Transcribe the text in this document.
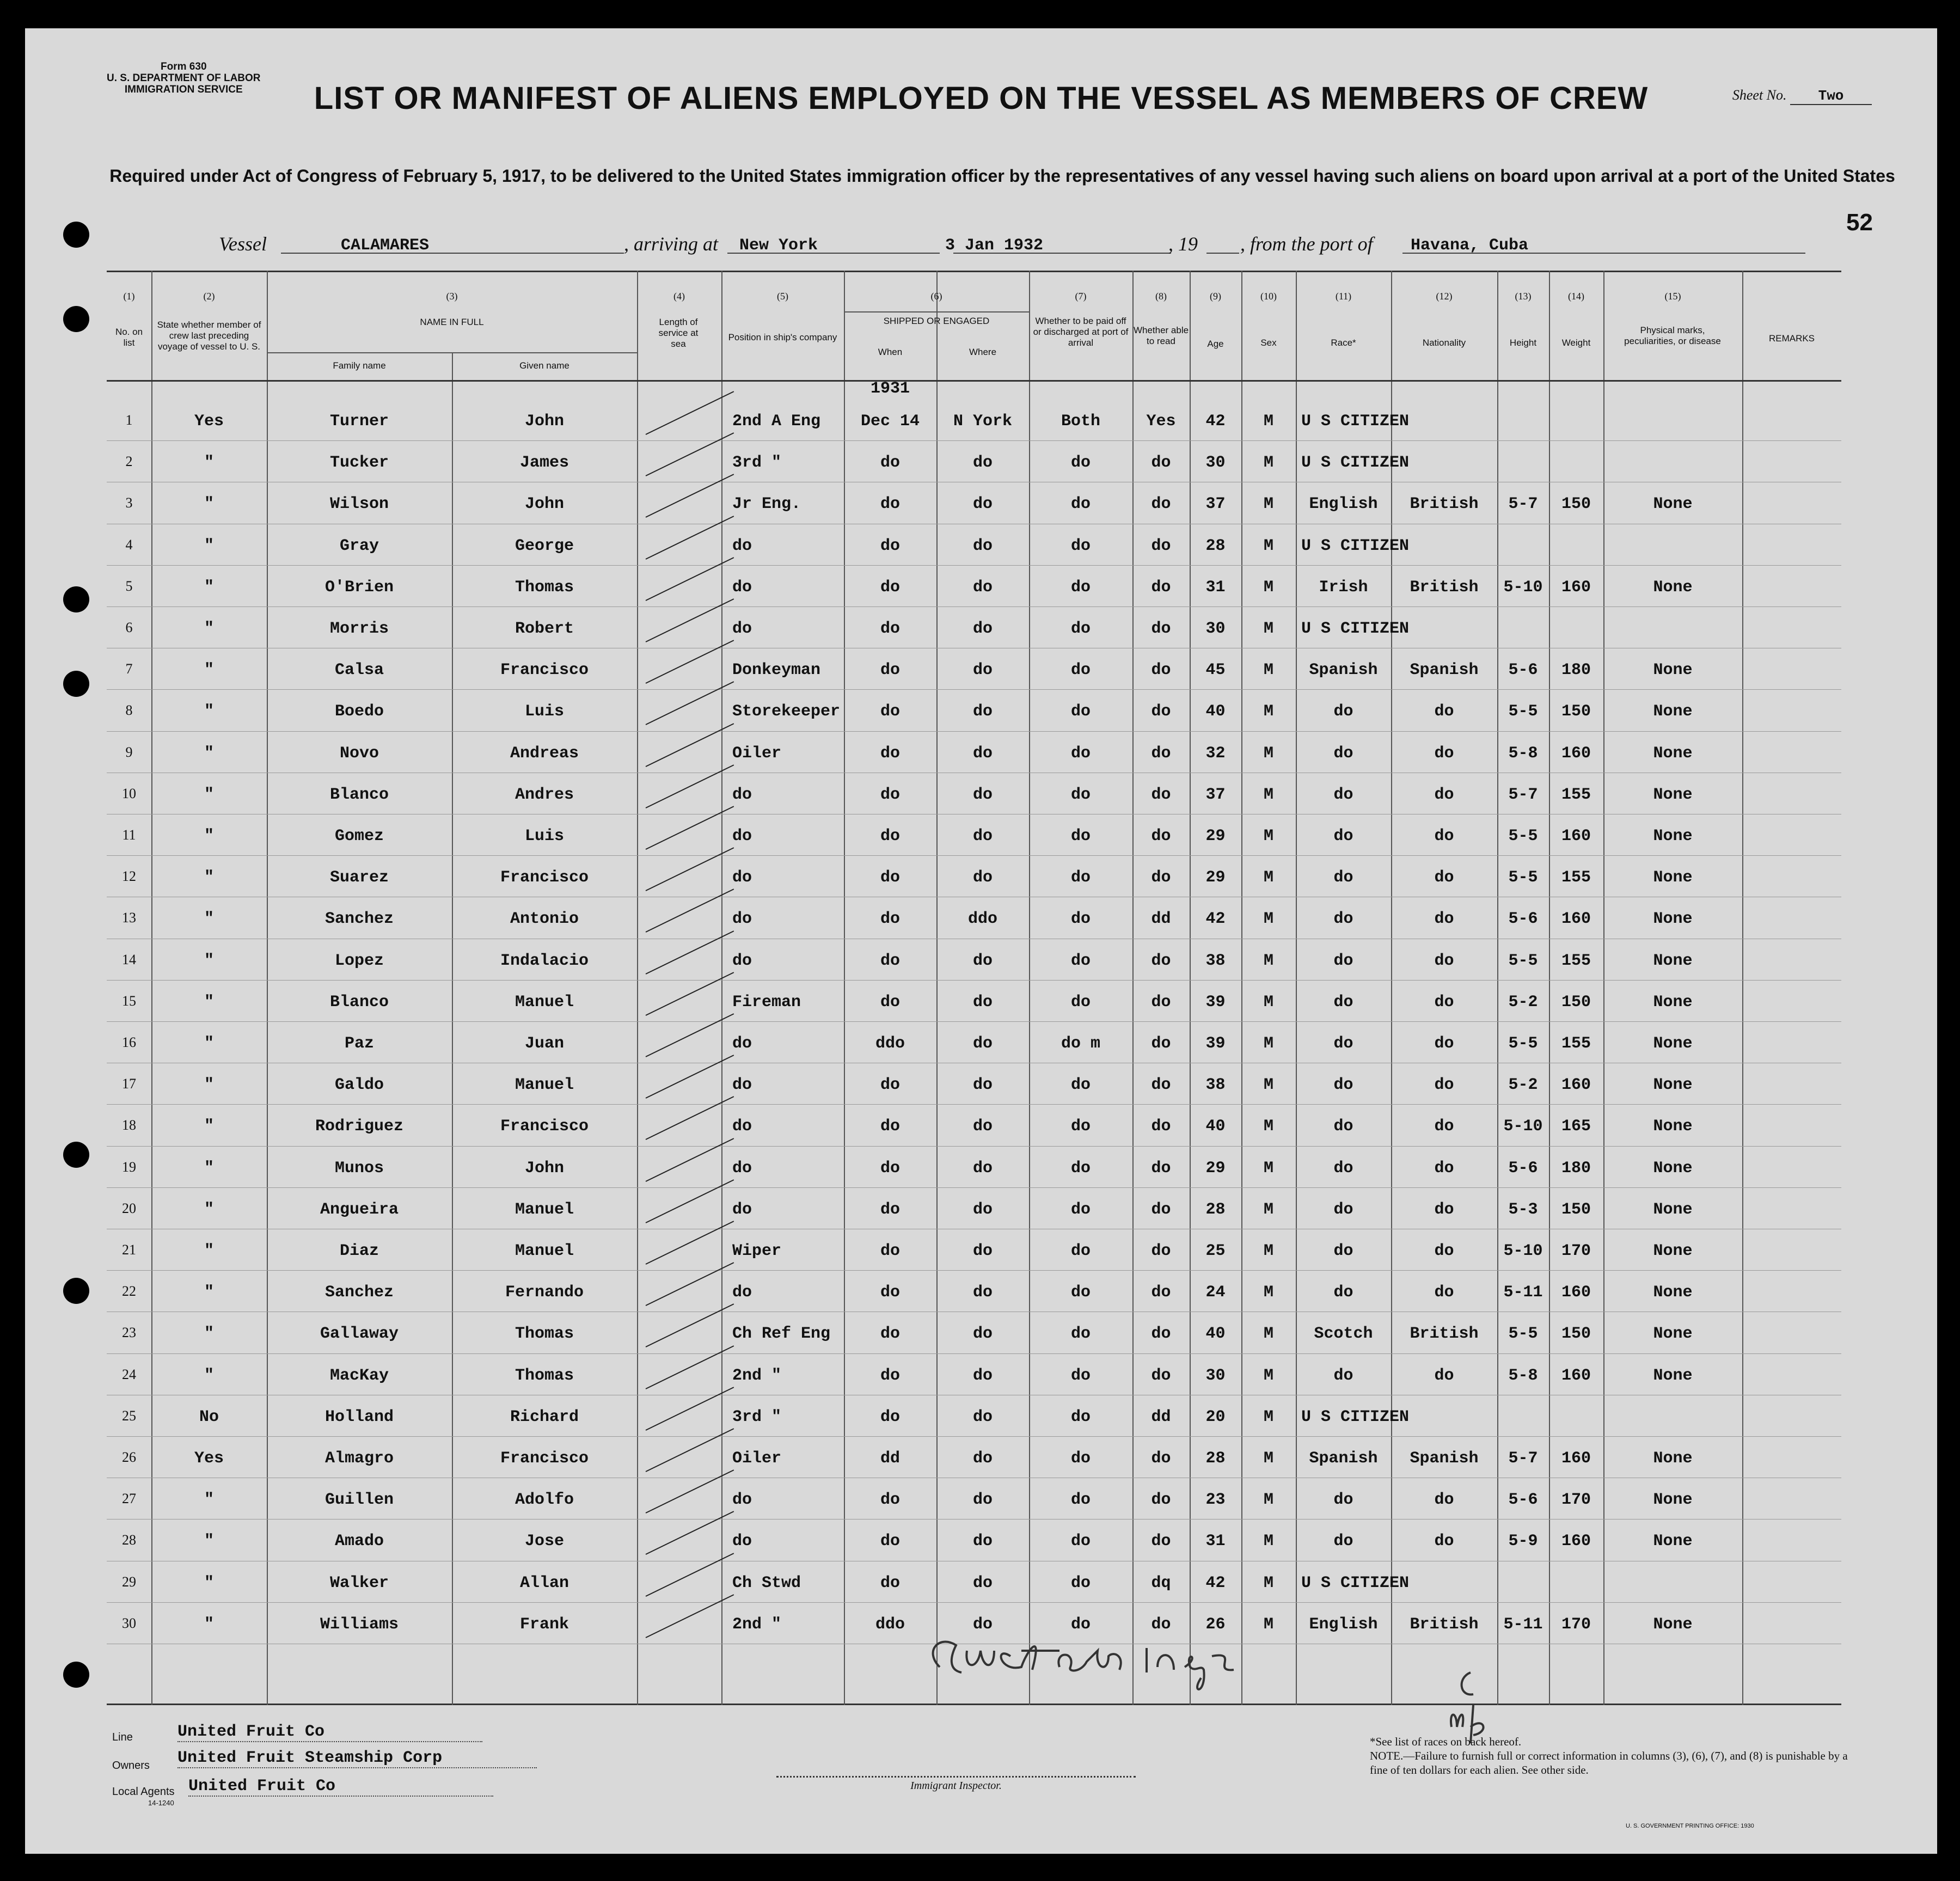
Form 630
U. S. DEPARTMENT OF LABOR
IMMIGRATION SERVICE	Sheet No. Two
LIST OR MANIFEST OF ALIENS EMPLOYED ON THE VESSEL AS MEMBERS OF CREW
Required under Act of Congress of February 5, 1917, to be delivered to the United States immigration officer by the representatives of any vessel having such aliens on board upon arrival at a port of the United States
52
Vessel	CALAMARES	, arriving at New York	3 Jan 1932	, 19 , from the port of Havana, Cuba
(1)	(2)	(3)	(4)	(5)	(6)	(7)	(8)	(9)	(10)	(11)	(12)	(13)	(14)	(15)
No. on list
State whether member of crew last preceding voyage of vessel to U. S.
NAME IN FULL
Family name	Given name
Length of service at sea
Position in ship's company
SHIPPED OR ENGAGED
When	Where
Whether to be paid off or discharged at port of arrival
Whether able to read	Age	Sex	Race*	Nationality	Height	Weight
Physical marks, peculiarities, or disease	REMARKS
1931
1	Yes	Turner	John	2nd A Eng	Dec 14	N York	Both	Yes	42	M	U S CITIZEN
2	"	Tucker	James	3rd "	do	do	do	do	30	M	U S CITIZEN
3	"	Wilson	John	Jr Eng.	do	do	do	do	37	M	English	British	5-7	150	None
4	"	Gray	George	do	do	do	do	do	28	M	U S CITIZEN
5	"	O'Brien	Thomas	do	do	do	do	do	31	M	Irish	British	5-10	160	None
6	"	Morris	Robert	do	do	do	do	do	30	M	U S CITIZEN
7	"	Calsa	Francisco	Donkeyman	do	do	do	do	45	M	Spanish	Spanish	5-6	180	None
8	"	Boedo	Luis	Storekeeper	do	do	do	do	40	M	do	do	5-5	150	None
9	"	Novo	Andreas	Oiler	do	do	do	do	32	M	do	do	5-8	160	None
10	"	Blanco	Andres	do	do	do	do	do	37	M	do	do	5-7	155	None
11	"	Gomez	Luis	do	do	do	do	do	29	M	do	do	5-5	160	None
12	"	Suarez	Francisco	do	do	do	do	do	29	M	do	do	5-5	155	None
13	"	Sanchez	Antonio	do	do	ddo	do	dd	42	M	do	do	5-6	160	None
14	"	Lopez	Indalacio	do	do	do	do	do	38	M	do	do	5-5	155	None
15	"	Blanco	Manuel	Fireman	do	do	do	do	39	M	do	do	5-2	150	None
16	"	Paz	Juan	do	ddo	do	do m	do	39	M	do	do	5-5	155	None
17	"	Galdo	Manuel	do	do	do	do	do	38	M	do	do	5-2	160	None
18	"	Rodriguez	Francisco	do	do	do	do	do	40	M	do	do	5-10	165	None
19	"	Munos	John	do	do	do	do	do	29	M	do	do	5-6	180	None
20	"	Angueira	Manuel	do	do	do	do	do	28	M	do	do	5-3	150	None
21	"	Diaz	Manuel	Wiper	do	do	do	do	25	M	do	do	5-10	170	None
22	"	Sanchez	Fernando	do	do	do	do	do	24	M	do	do	5-11	160	None
23	"	Gallaway	Thomas	Ch Ref Eng	do	do	do	do	40	M	Scotch	British	5-5	150	None
24	"	MacKay	Thomas	2nd "	do	do	do	do	30	M	do	do	5-8	160	None
25	No	Holland	Richard	3rd "	do	do	do	dd	20	M	U S CITIZEN
26	Yes	Almagro	Francisco	Oiler	dd	do	do	do	28	M	Spanish	Spanish	5-7	160	None
27	"	Guillen	Adolfo	do	do	do	do	do	23	M	do	do	5-6	170	None
28	"	Amado	Jose	do	do	do	do	do	31	M	do	do	5-9	160	None
29	"	Walker	Allan	Ch Stwd	do	do	do	dq	42	M	U S CITIZEN
30	"	Williams	Frank	2nd "	ddo	do	do	do	26	M	English	British	5-11	170	None
C M Stern Insp
Line	United Fruit Co
Owners United Fruit Steamship Corp
Local Agents United Fruit Co
14-1240
Immigrant Inspector.
*See list of races on back hereof.
NOTE.—Failure to furnish full or correct information in columns (3), (6), (7), and (8) is punishable by a fine of ten dollars for each alien. See other side.
U. S. GOVERNMENT PRINTING OFFICE: 1930
